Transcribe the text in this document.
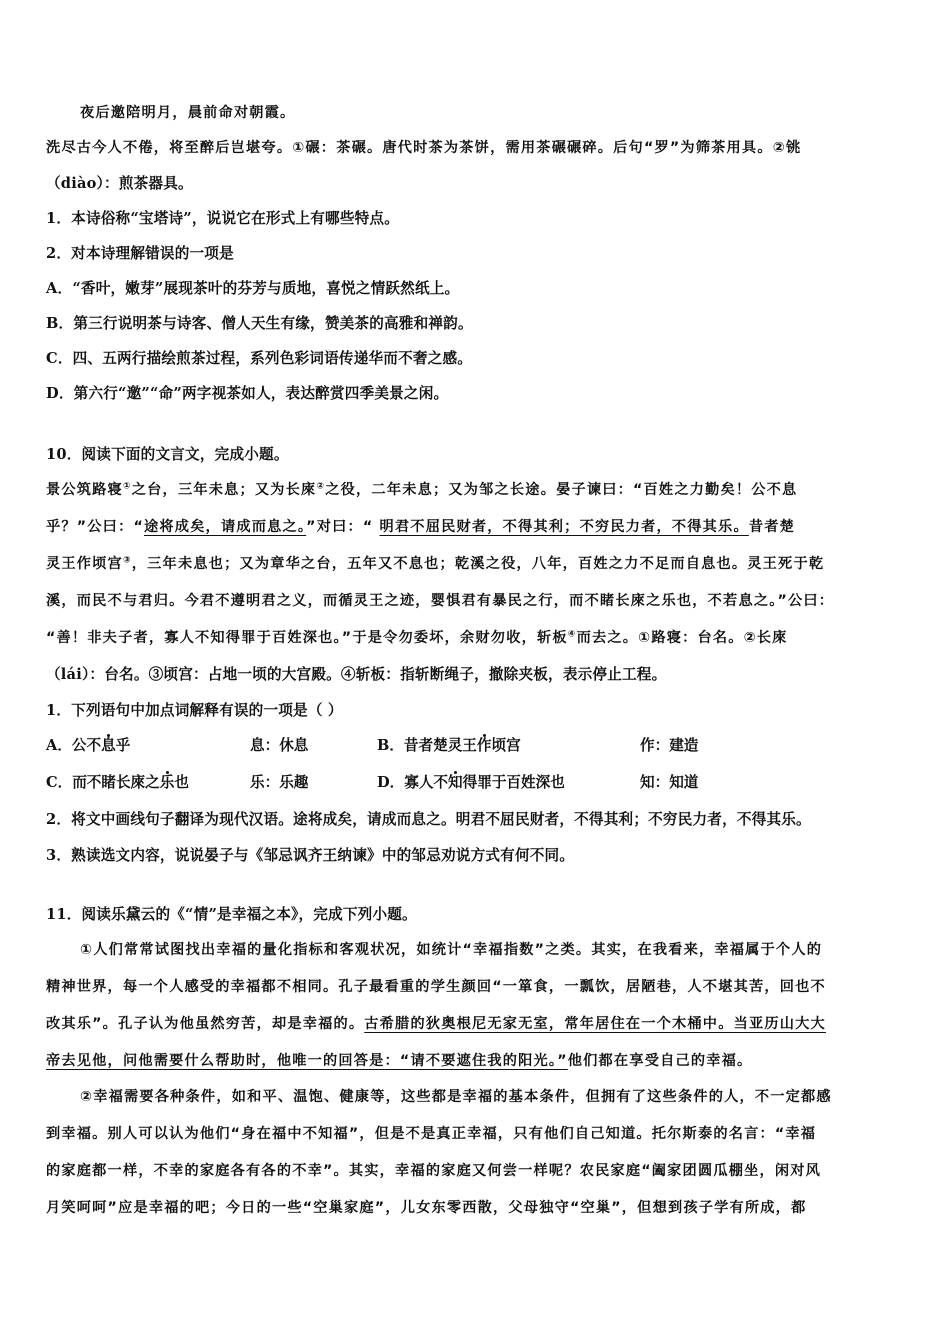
夜后邀陪明月，晨前命对朝霞。
洗尽古今人不倦，将至醉后岂堪夸。①碾：茶碾。唐代时茶为茶饼，需用茶碾碾碎。后句“罗”为筛茶用具。②铫
（diào）：煎茶器具。
1．本诗俗称“宝塔诗”，说说它在形式上有哪些特点。
2．对本诗理解错误的一项是
A．“香叶，嫩芽”展现茶叶的芬芳与质地，喜悦之情跃然纸上。
B．第三行说明茶与诗客、僧人天生有缘，赞美茶的高雅和禅韵。
C．四、五两行描绘煎茶过程，系列色彩词语传递华而不奢之感。
D．第六行“邀”“命”两字视茶如人，表达醉赏四季美景之闲。
10．阅读下面的文言文，完成小题。
景公筑路寝①之台，三年未息；又为长庲②之役，二年未息；又为邹之长途。晏子谏曰：“百姓之力勤矣！公不息
乎？”公曰：“途将成矣，请成而息之。”对曰：“ 明君不屈民财者，不得其利；不穷民力者，不得其乐。昔者楚
灵王作顷宫③，三年未息也；又为章华之台，五年又不息也；乾溪之役，八年，百姓之力不足而自息也。灵王死于乾
溪，而民不与君归。今君不遵明君之义，而循灵王之迹，婴惧君有暴民之行，而不睹长庲之乐也，不若息之。”公曰：
“善！非夫子者，寡人不知得罪于百姓深也。”于是令勿委坏，余财勿收，斩板④而去之。①路寝：台名。②长庲
（lái）：台名。③顷宫：占地一顷的大宫殿。④斩板：指斩断绳子，撤除夹板，表示停止工程。
1．下列语句中加点词解释有误的一项是（ ）
A．公不息乎	息：休息	B．昔者楚灵王作顷宫	作：建造
C．而不睹长庲之乐也	乐：乐趣	D．寡人不知得罪于百姓深也	知：知道
2．将文中画线句子翻译为现代汉语。途将成矣，请成而息之。明君不屈民财者，不得其利；不穷民力者，不得其乐。
3．熟读选文内容，说说晏子与《邹忌讽齐王纳谏》中的邹忌劝说方式有何不同。
11．阅读乐黛云的《“情”是幸福之本》，完成下列小题。
①人们常常试图找出幸福的量化指标和客观状况，如统计“幸福指数”之类。其实，在我看来，幸福属于个人的
精神世界，每一个人感受的幸福都不相同。孔子最看重的学生颜回“一箪食，一瓢饮，居陋巷，人不堪其苦，回也不
改其乐”。孔子认为他虽然穷苦，却是幸福的。古希腊的狄奥根尼无家无室，常年居住在一个木桶中。当亚历山大大
帝去见他，问他需要什么帮助时，他唯一的回答是：“请不要遮住我的阳光。”他们都在享受自己的幸福。
②幸福需要各种条件，如和平、温饱、健康等，这些都是幸福的基本条件，但拥有了这些条件的人，不一定都感
到幸福。别人可以认为他们“身在福中不知福”，但是不是真正幸福，只有他们自己知道。托尔斯泰的名言：“幸福
的家庭都一样，不幸的家庭各有各的不幸”。其实，幸福的家庭又何尝一样呢？农民家庭“阖家团圆瓜棚坐，闲对风
月笑呵呵”应是幸福的吧；今日的一些“空巢家庭”，儿女东零西散，父母独守“空巢”，但想到孩子学有所成，都
